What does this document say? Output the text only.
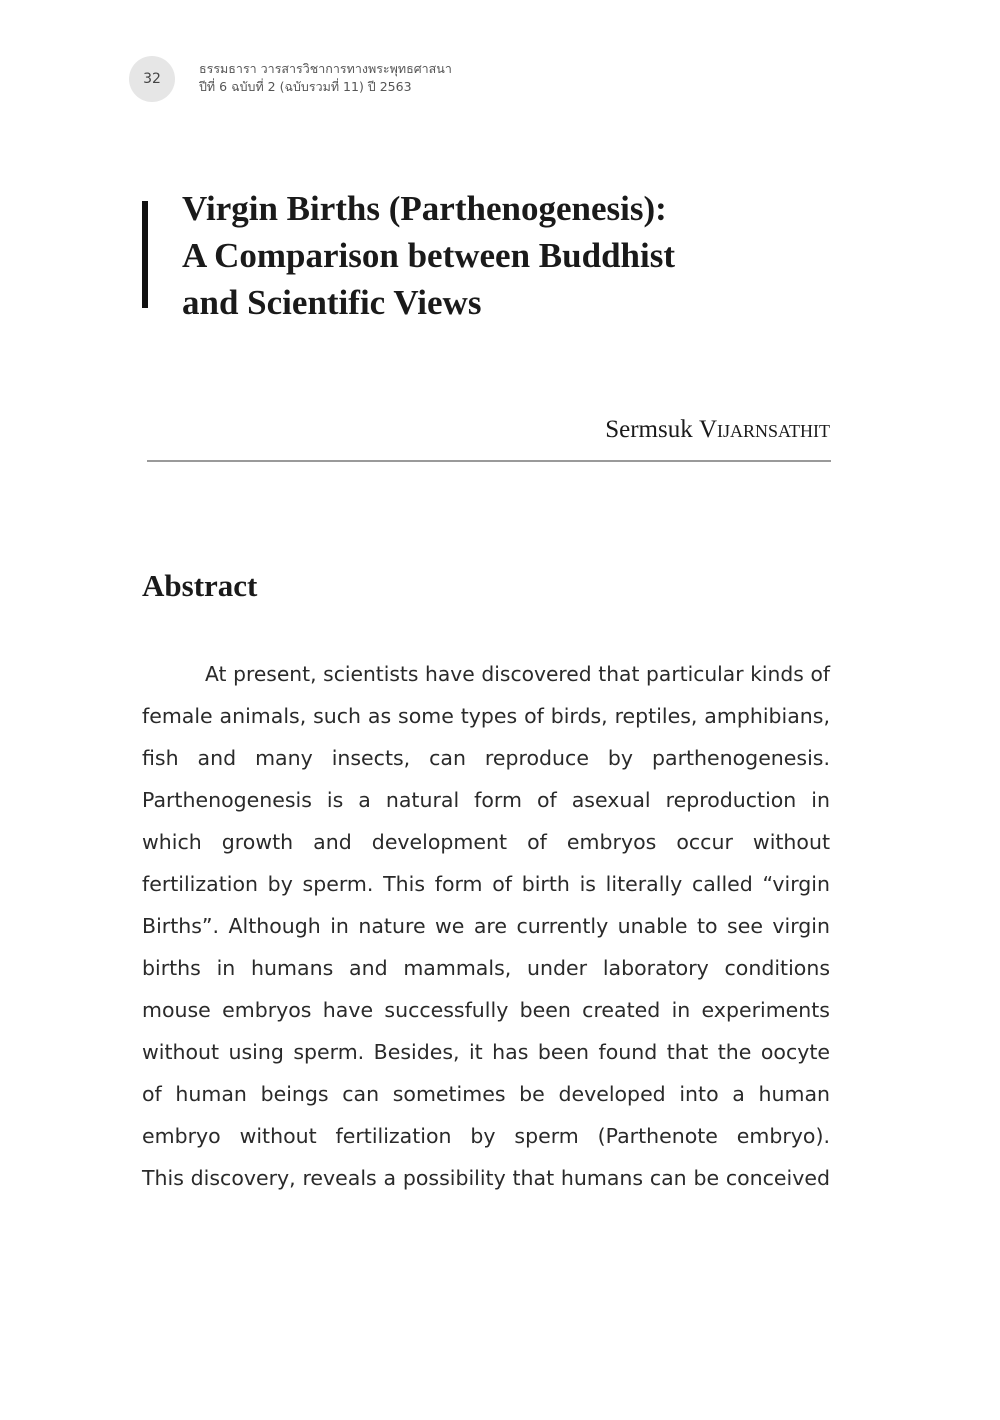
32
ธรรมธารา วารสารวิชาการทางพระพุทธศาสนา
ปีที่ 6 ฉบับที่ 2 (ฉบับรวมที่ 11) ปี 2563
Virgin Births (Parthenogenesis):
A Comparison between Buddhist
and Scientific Views
Sermsuk Vijarnsathit
Abstract
At present, scientists have discovered that particular kinds of
female animals, such as some types of birds, reptiles, amphibians,
fish and many insects, can reproduce by parthenogenesis.
Parthenogenesis is a natural form of asexual reproduction in
which growth and development of embryos occur without
fertilization by sperm. This form of birth is literally called “virgin
Births”. Although in nature we are currently unable to see virgin
births in humans and mammals, under laboratory conditions
mouse embryos have successfully been created in experiments
without using sperm. Besides, it has been found that the oocyte
of human beings can sometimes be developed into a human
embryo without fertilization by sperm (Parthenote embryo).
This discovery, reveals a possibility that humans can be conceived
